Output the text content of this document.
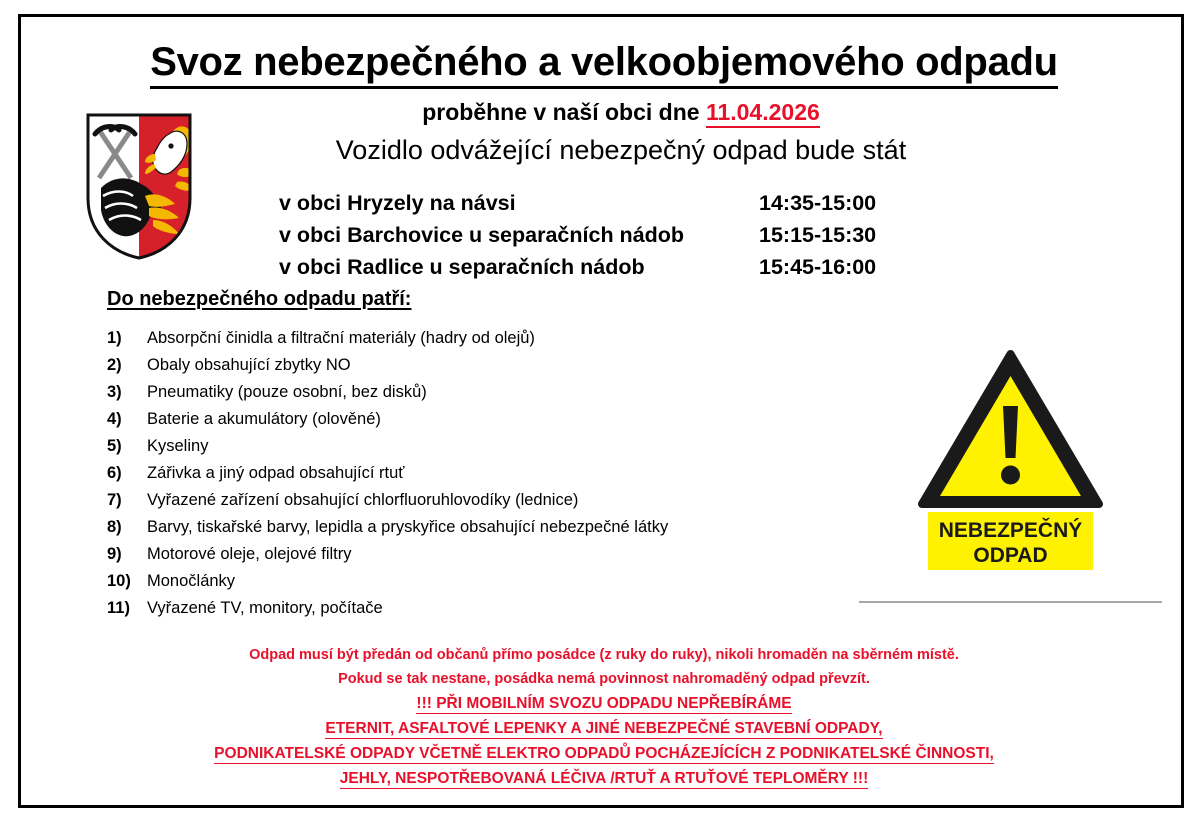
Svoz nebezpečného a velkoobjemového odpadu
proběhne v naší obci dne 11.04.2026
Vozidlo odvážející nebezpečný odpad bude stát
v obci Hryzely na návsi	14:35-15:00
v obci Barchovice u separačních nádob	15:15-15:30
v obci Radlice u separačních nádob	15:45-16:00
Do nebezpečného odpadu patří:
1)	Absorpční činidla a filtrační materiály (hadry od olejů)
2)	Obaly obsahující zbytky NO
3)	Pneumatiky (pouze osobní, bez disků)
4)	Baterie a akumulátory (olověné)
5)	Kyseliny
6)	Zářivka a jiný odpad obsahující rtuť
7)	Vyřazené zařízení obsahující chlorfluoruhlovodíky (lednice)
8)	Barvy, tiskařské barvy, lepidla a pryskyřice obsahující nebezpečné látky
9)	Motorové oleje, olejové filtry
10) Monočlánky
11)	Vyřazené TV, monitory, počítače
NEBEZPEČNÝ
ODPAD
Odpad musí být předán od občanů přímo posádce (z ruky do ruky), nikoli hromaděn na sběrném místě.
Pokud se tak nestane, posádka nemá povinnost nahromaděný odpad převzít.
!!! PŘI MOBILNÍM SVOZU ODPADU NEPŘEBÍRÁME
ETERNIT, ASFALTOVÉ LEPENKY A JINÉ NEBEZPEČNÉ STAVEBNÍ ODPADY,
PODNIKATELSKÉ ODPADY VČETNĚ ELEKTRO ODPADŮ POCHÁZEJÍCÍCH Z PODNIKATELSKÉ ČINNOSTI,
JEHLY, NESPOTŘEBOVANÁ LÉČIVA /RTUŤ A RTUŤOVÉ TEPLOMĚRY !!!
